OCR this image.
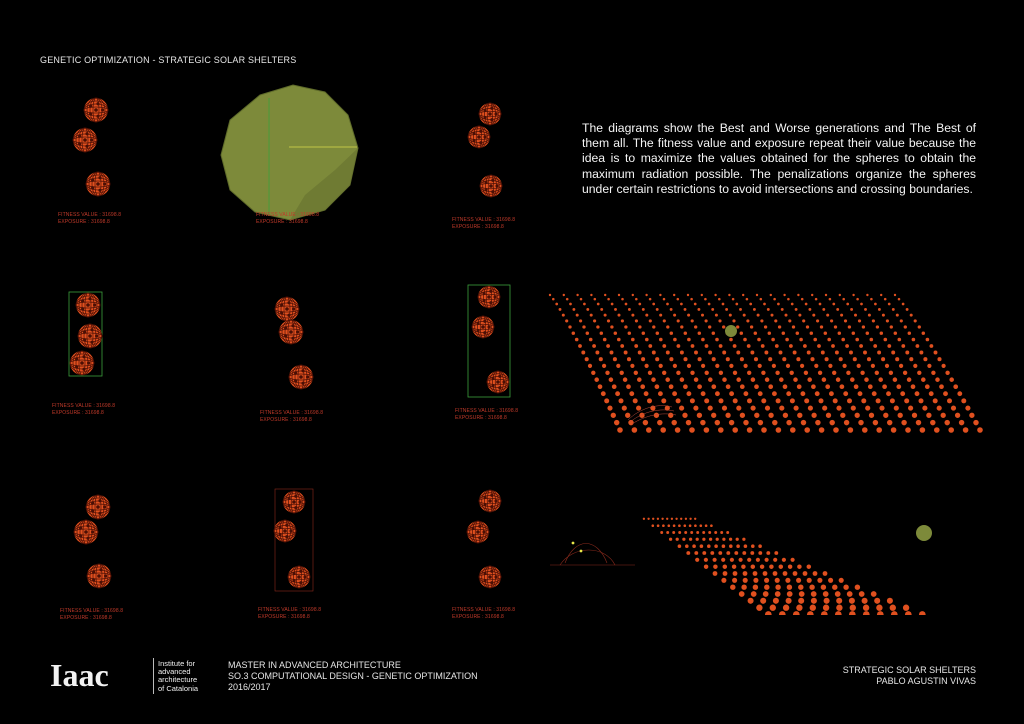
GENETIC OPTIMIZATION - STRATEGIC SOLAR SHELTERS
The diagrams show the Best and Worse generations and The Best of them all. The fitness value and exposure repeat their value because the idea is to maximize the values obtained for the spheres to obtain the maximum radiation possible. The penalizations organize the spheres under certain restrictions to avoid intersections and crossing boundaries.
FITNESS VALUE : 31698.8
EXPOSURE : 31698.8
FITNESS VALUE : 31698.8
EXPOSURE : 31698.8	FITNESS VALUE : 31698.8
EXPOSURE : 31698.8
FITNESS VALUE : 31698.8
EXPOSURE : 31698.8	FITNESS VALUE : 31698.8
EXPOSURE : 31698.8
FITNESS VALUE : 31698.8
EXPOSURE : 31698.8
FITNESS VALUE : 31698.8
EXPOSURE : 31698.8
FITNESS VALUE : 31698.8
EXPOSURE : 31698.8
FITNESS VALUE : 31698.8
EXPOSURE : 31698.8
Iaac	Institute for
advanced
architecture
of Catalonia
MASTER IN ADVANCED ARCHITECTURE
SO.3 COMPUTATIONAL DESIGN - GENETIC OPTIMIZATION
2016/2017
STRATEGIC SOLAR SHELTERS
PABLO AGUSTIN VIVAS
